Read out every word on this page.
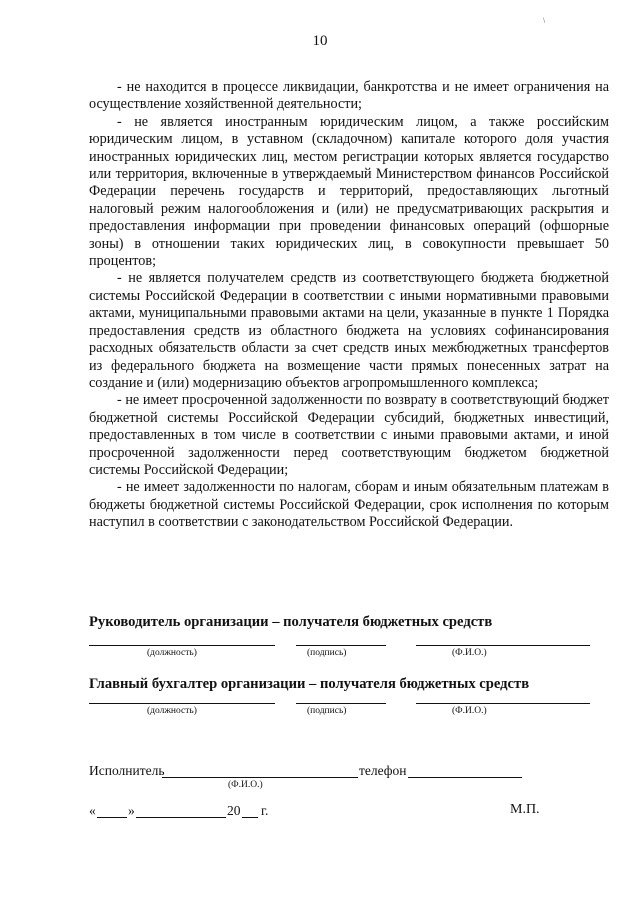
10
\

- не находится в процессе ликвидации, банкротства и не имеет ограничения на осуществление хозяйственной деятельности;

- не является иностранным юридическим лицом, а также российским юридическим лицом, в уставном (складочном) капитале которого доля участия иностранных юридических лиц, местом регистрации которых является государство или территория, включенные в утверждаемый Министерством финансов Российской Федерации перечень государств и территорий, предоставляющих льготный налоговый режим налогообложения и (или) не предусматривающих раскрытия и предоставления информации при проведении финансовых операций (офшорные зоны) в отношении таких юридических лиц, в совокупности превышает 50 процентов;

- не является получателем средств из соответствующего бюджета бюджетной системы Российской Федерации в соответствии с иными нормативными правовыми актами, муниципальными правовыми актами на цели, указанные в пункте 1 Порядка предоставления средств из областного бюджета на условиях софинансирования расходных обязательств области за счет средств иных межбюджетных трансфертов из федерального бюджета на возмещение части прямых понесенных затрат на создание и (или) модернизацию объектов агропромышленного комплекса;

- не имеет просроченной задолженности по возврату в соответствующий бюджет бюджетной системы Российской Федерации субсидий, бюджетных инвестиций, предоставленных в том числе в соответствии с иными правовыми актами, и иной просроченной задолженности перед соответствующим бюджетом бюджетной системы Российской Федерации;

- не имеет задолженности по налогам, сборам и иным обязательным платежам в бюджеты бюджетной системы Российской Федерации, срок исполнения по которым наступил в соответствии с законодательством Российской Федерации.

Руководитель организации – получателя бюджетных средств
(должность)	(подпись)	(Ф.И.О.)
Главный бухгалтер организации – получателя бюджетных средств
(должность)	(подпись)	(Ф.И.О.)
Исполнитель	телефон
(Ф.И.О.)
« »	20 г.	М.П.
